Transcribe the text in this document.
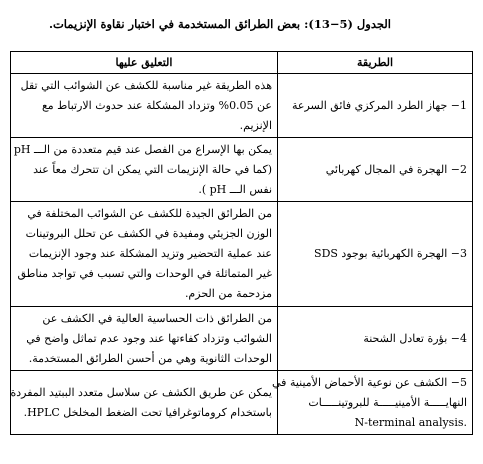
الجدول (5−13): بعض الطرائق المستخدمة في اختبار نقاوة الإنزيمات.
الطريقة	التعليق عليها

1− جهاز الطرد المركزي فائق السرعة	هذه الطريقة غير مناسبة للكشف عن الشوائب التي تقل
عن 0.05% وتزداد المشكلة عند حدوث الارتباط مع
الإنزيم.

2− الهجرة في المجال كهربائي	يمكن بها الإسراع من الفصل عند قيم متعددة من الـــ pH
(كما في حالة الإنزيمات التي يمكن ان تتحرك معاً عند
نفس الـــ pH ).

3− الهجرة الكهربائية بوجود SDS	من الطرائق الجيدة للكشف عن الشوائب المختلفة في
الوزن الجزيئي ومفيدة في الكشف عن تحلل البروتينات
عند عملية التحضير وتزيد المشكلة عند وجود الإنزيمات
غير المتماثلة في الوحدات والتي تسبب في تواجد مناطق
مزدحمة من الحزم.

4− بؤرة تعادل الشحنة	من الطرائق ذات الحساسية العالية في الكشف عن
الشوائب وتزداد كفاءتها عند وجود عدم تماثل واضح في
الوحدات الثانوية وهي من أحسن الطرائق المستخدمة.

5− الكشف عن نوعية الأحماض الأمينية في
النهايـــــة الأمينيـــــة للبروتينـــــات
.N-terminal analysis	يمكن عن طريق الكشف عن سلاسل متعدد الببتيد المفردة
باستخدام كروماتوغرافيا تحت الضغط المخلخل HPLC.
